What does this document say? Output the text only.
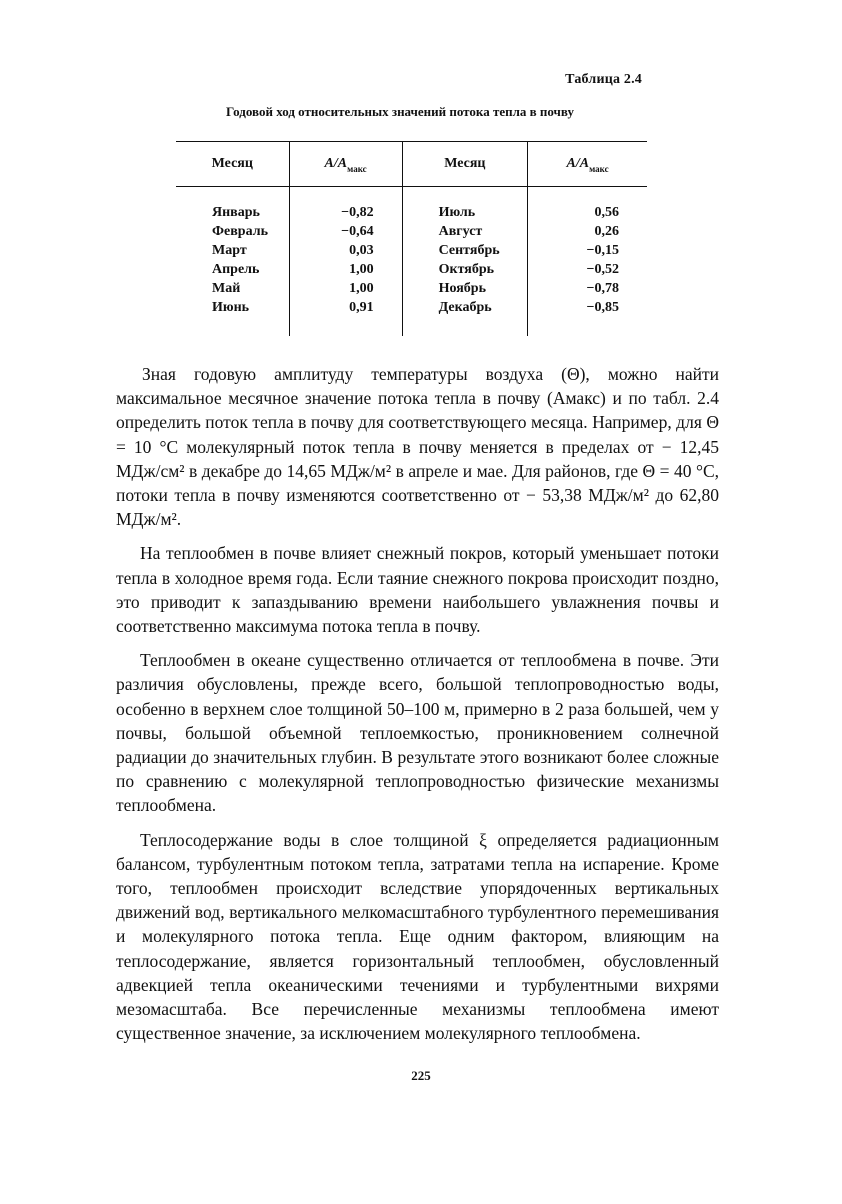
Таблица 2.4
Годовой ход относительных значений потока тепла в почву
Месяц	$A/A_{макс}$	Месяц	$A/A_{макс}$
Январь	−0,82	Июль	0,56
Февраль	−0,64	Август	0,26
Март	0,03	Сентябрь	−0,15
Апрель	1,00	Октябрь	−0,52
Май	1,00	Ноябрь	−0,78
Июнь	0,91	Декабрь	−0,85

Зная годовую амплитуду температуры воздуха (Θ), можно найти максимальное месячное значение потока тепла в почву (Aмакс) и по табл. 2.4 определить поток тепла в почву для соответствующего месяца. Например, для Θ = 10 °C молекулярный поток тепла в почву меняется в пределах от − 12,45 МДж/см² в декабре до 14,65 МДж/м² в апреле и мае. Для районов, где Θ = 40 °C, потоки тепла в почву изменяются соответственно от − 53,38 МДж/м² до 62,80 МДж/м².

На теплообмен в почве влияет снежный покров, который уменьшает потоки тепла в холодное время года. Если таяние снежного покрова происходит поздно, это приводит к запаздыванию времени наибольшего увлажнения почвы и соответственно максимума потока тепла в почву.

Теплообмен в океане существенно отличается от теплообмена в почве. Эти различия обусловлены, прежде всего, большой теплопроводностью воды, особенно в верхнем слое толщиной 50–100 м, примерно в 2 раза большей, чем у почвы, большой объемной теплоемкостью, проникновением солнечной радиации до значительных глубин. В результате этого возникают более сложные по сравнению с молекулярной теплопроводностью физические механизмы теплообмена.

Теплосодержание воды в слое толщиной ξ определяется радиационным балансом, турбулентным потоком тепла, затратами тепла на испарение. Кроме того, теплообмен происходит вследствие упорядоченных вертикальных движений вод, вертикального мелкомасштабного турбулентного перемешивания и молекулярного потока тепла. Еще одним фактором, влияющим на теплосодержание, является горизонтальный теплообмен, обусловленный адвекцией тепла океаническими течениями и турбулентными вихрями мезомасштаба. Все перечисленные механизмы теплообмена имеют существенное значение, за исключением молекулярного теплообмена.

225
